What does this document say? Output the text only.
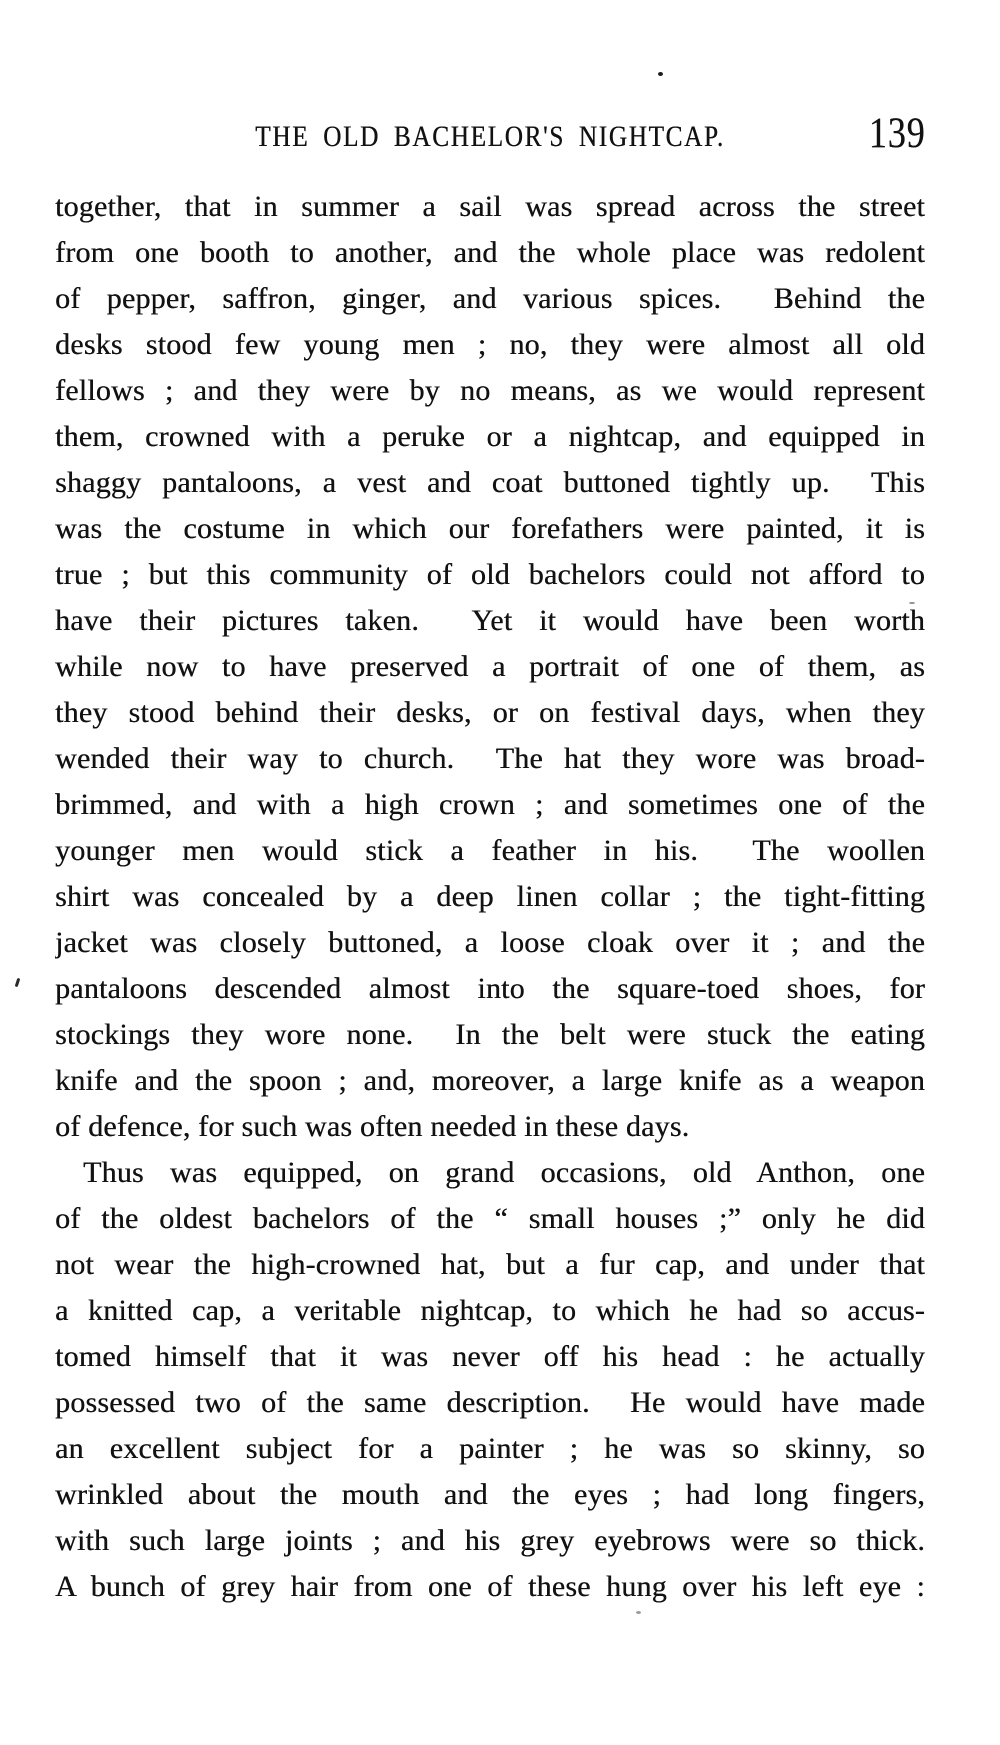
THE OLD BACHELOR'S NIGHTCAP.	139
together, that in summer a sail was spread across the street
from one booth to another, and the whole place was redolent
of pepper, saffron, ginger, and various spices.  Behind the
desks stood few young men ; no, they were almost all old
fellows ; and they were by no means, as we would represent
them, crowned with a peruke or a nightcap, and equipped in
shaggy pantaloons, a vest and coat buttoned tightly up.  This
was the costume in which our forefathers were painted, it is
true ; but this community of old bachelors could not afford to
have their pictures taken.  Yet it would have been worth
while now to have preserved a portrait of one of them, as
they stood behind their desks, or on festival days, when they
wended their way to church.  The hat they wore was broad-
brimmed, and with a high crown ; and sometimes one of the
younger men would stick a feather in his.  The woollen
shirt was concealed by a deep linen collar ; the tight-fitting
jacket was closely buttoned, a loose cloak over it ; and the
pantaloons descended almost into the square-toed shoes, for
stockings they wore none.  In the belt were stuck the eating
knife and the spoon ; and, moreover, a large knife as a weapon
of defence, for such was often needed in these days.
Thus was equipped, on grand occasions, old Anthon, one
of the oldest bachelors of the “ small houses ;” only he did
not wear the high-crowned hat, but a fur cap, and under that
a knitted cap, a veritable nightcap, to which he had so accus-
tomed himself that it was never off his head : he actually
possessed two of the same description.  He would have made
an excellent subject for a painter ; he was so skinny, so
wrinkled about the mouth and the eyes ; had long fingers,
with such large joints ; and his grey eyebrows were so thick.
A bunch of grey hair from one of these hung over his left eye :
